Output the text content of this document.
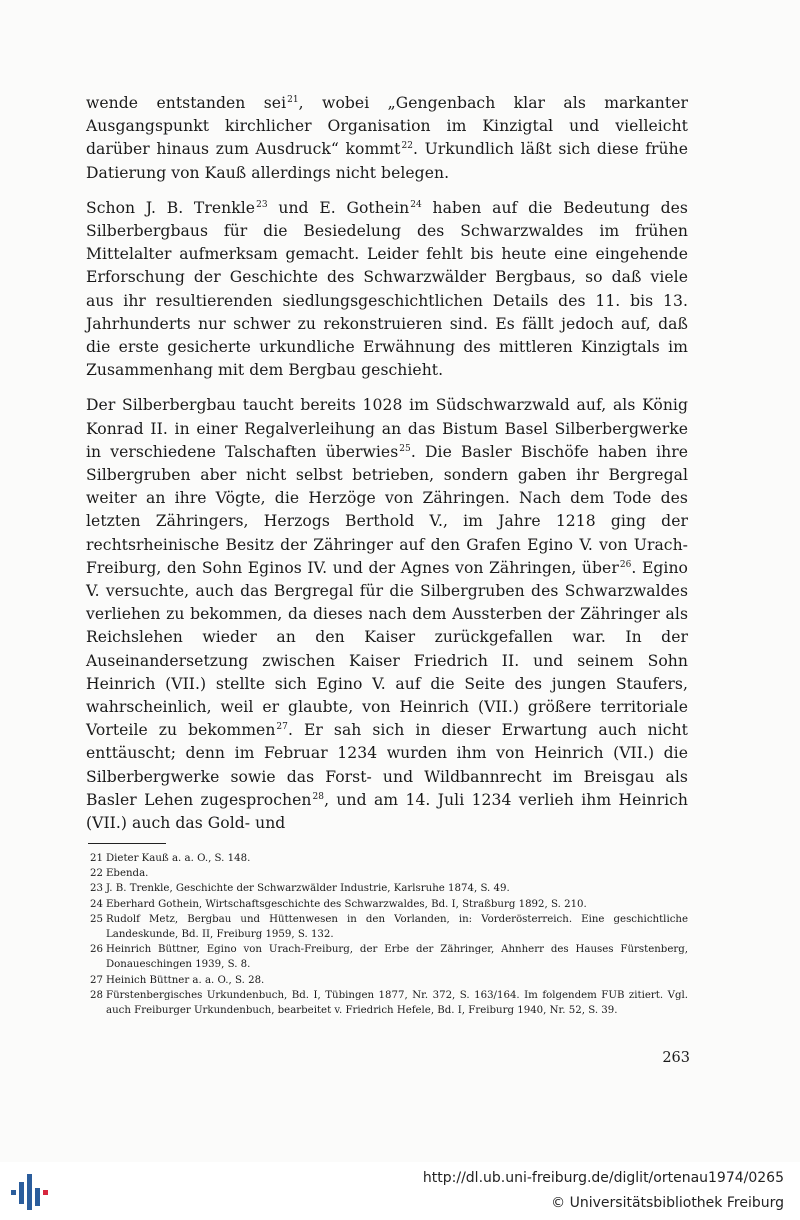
wende entstanden sei$^{21}$, wobei „Gengenbach klar als markanter Ausgangspunkt kirchlicher Organisation im Kinzigtal und vielleicht darüber hinaus zum Ausdruck“ kommt$^{22}$. Urkundlich läßt sich diese frühe Datierung von Kauß allerdings nicht belegen.

Schon J. B. Trenkle$^{23}$ und E. Gothein$^{24}$ haben auf die Bedeutung des Silberbergbaus für die Besiedelung des Schwarzwaldes im frühen Mittelalter aufmerksam gemacht. Leider fehlt bis heute eine eingehende Erforschung der Geschichte des Schwarzwälder Bergbaus, so daß viele aus ihr resultierenden siedlungsgeschichtlichen Details des 11. bis 13. Jahrhunderts nur schwer zu rekonstruieren sind. Es fällt jedoch auf, daß die erste gesicherte urkundliche Erwähnung des mittleren Kinzigtals im Zusammenhang mit dem Bergbau geschieht.

Der Silberbergbau taucht bereits 1028 im Südschwarzwald auf, als König Konrad II. in einer Regalverleihung an das Bistum Basel Silberbergwerke in verschiedene Talschaften überwies$^{25}$. Die Basler Bischöfe haben ihre Silbergruben aber nicht selbst betrieben, sondern gaben ihr Bergregal weiter an ihre Vögte, die Herzöge von Zähringen. Nach dem Tode des letzten Zähringers, Herzogs Berthold V., im Jahre 1218 ging der rechtsrheinische Besitz der Zähringer auf den Grafen Egino V. von Urach-Freiburg, den Sohn Eginos IV. und der Agnes von Zähringen, über$^{26}$. Egino V. versuchte, auch das Bergregal für die Silbergruben des Schwarzwaldes verliehen zu bekommen, da dieses nach dem Aussterben der Zähringer als Reichslehen wieder an den Kaiser zurückgefallen war. In der Auseinandersetzung zwischen Kaiser Friedrich II. und seinem Sohn Heinrich (VII.) stellte sich Egino V. auf die Seite des jungen Staufers, wahrscheinlich, weil er glaubte, von Heinrich (VII.) größere territoriale Vorteile zu bekommen$^{27}$. Er sah sich in dieser Erwartung auch nicht enttäuscht; denn im Februar 1234 wurden ihm von Heinrich (VII.) die Silberbergwerke sowie das Forst- und Wildbannrecht im Breisgau als Basler Lehen zugesprochen$^{28}$, und am 14. Juli 1234 verlieh ihm Heinrich (VII.) auch das Gold- und

21 Dieter Kauß a. a. O., S. 148.
22 Ebenda.
23 J. B. Trenkle, Geschichte der Schwarzwälder Industrie, Karlsruhe 1874, S. 49.
24 Eberhard Gothein, Wirtschaftsgeschichte des Schwarzwaldes, Bd. I, Straßburg 1892, S. 210.
25 Rudolf Metz, Bergbau und Hüttenwesen in den Vorlanden, in: Vorderösterreich. Eine geschichtliche Landeskunde, Bd. II, Freiburg 1959, S. 132.
26 Heinrich Büttner, Egino von Urach-Freiburg, der Erbe der Zähringer, Ahnherr des Hauses Fürstenberg, Donaueschingen 1939, S. 8.
27 Heinich Büttner a. a. O., S. 28.
28 Fürstenbergisches Urkundenbuch, Bd. I, Tübingen 1877, Nr. 372, S. 163/164. Im folgendem FUB zitiert. Vgl. auch Freiburger Urkundenbuch, bearbeitet v. Friedrich Hefele, Bd. I, Freiburg 1940, Nr. 52, S. 39.
263
http://dl.ub.uni-freiburg.de/diglit/ortenau1974/0265
© Universitätsbibliothek Freiburg
